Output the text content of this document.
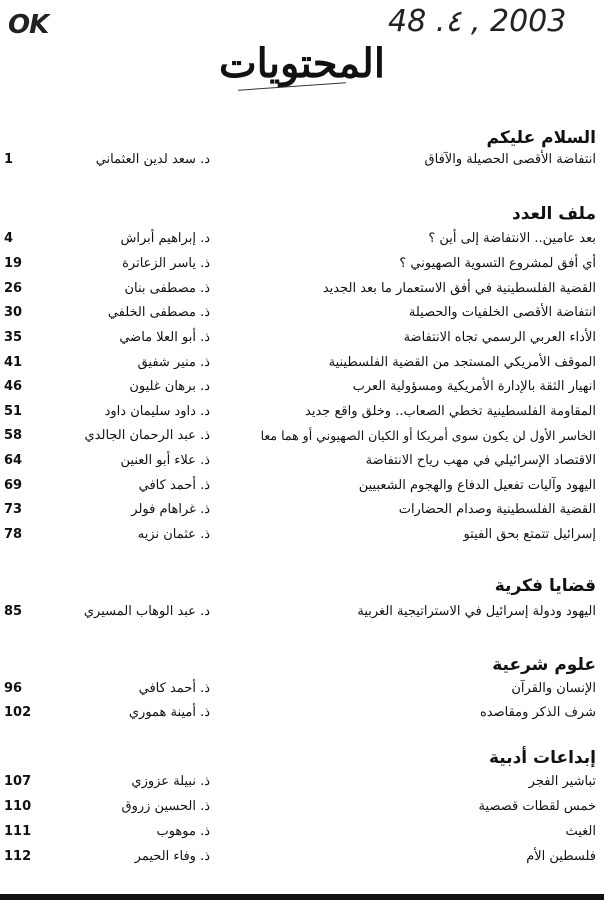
OK	48 .٤ , 2003
المحتويات
السلام عليكم
انتفاضة الأقصى الحصيلة والآفاق
د. سعد لدين العثماني
1
ملف العدد
بعد عامين.. الانتفاضة إلى أين ؟
د. إبراهيم أبراش
4
أي أفق لمشروع التسوية الصهيوني ؟
ذ. ياسر الزعاترة
19
القضية الفلسطينية في أفق الاستعمار ما بعد الجديد
ذ. مصطفى بنان
26
انتفاضة الأقصى الخلفيات والحصيلة
ذ. مصطفى الخلفي
30
الأداء العربي الرسمي تجاه الانتفاضة
ذ. أبو العلا ماضي
35
الموقف الأمريكي المستجد من القضية الفلسطينية
ذ. منير شفيق
41
انهيار الثقة بالإدارة الأمريكية ومسؤولية العرب
د. برهان غليون
46
المقاومة الفلسطينية تخطي الصعاب.. وخلق واقع جديد
د. داود سليمان داود
51
الخاسر الأول لن يكون سوى أمريكا أو الكيان الصهيوني أو هما معا
ذ. عبد الرحمان الجالدي
58
الاقتصاد الإسرائيلي في مهب رياح الانتفاضة
ذ. علاء أبو العنين
64
اليهود وآليات تفعيل الدفاع والهجوم الشعبيين
ذ. أحمد كافي
69
القضية الفلسطينية وصدام الحضارات
ذ. غراهام فولر
73
إسرائيل تتمتع بحق الفيتو
ذ. عثمان نزيه
78
قضايا فكرية
اليهود ودولة إسرائيل في الاستراتيجية الغربية
د. عبد الوهاب المسيري
85
علوم شرعية
الإنسان والقرآن
ذ. أحمد كافي
96
شرف الذكر ومقاصده
ذ. أمينة هموري
102
إبداعات أدبية
تباشير الفجر
ذ. نبيلة عزوزي
107
خمس لقطات قصصية
ذ. الحسين زروق
110
الغيث
ذ. موهوب
111
فلسطين الأم
ذ. وفاء الحيمر
112
